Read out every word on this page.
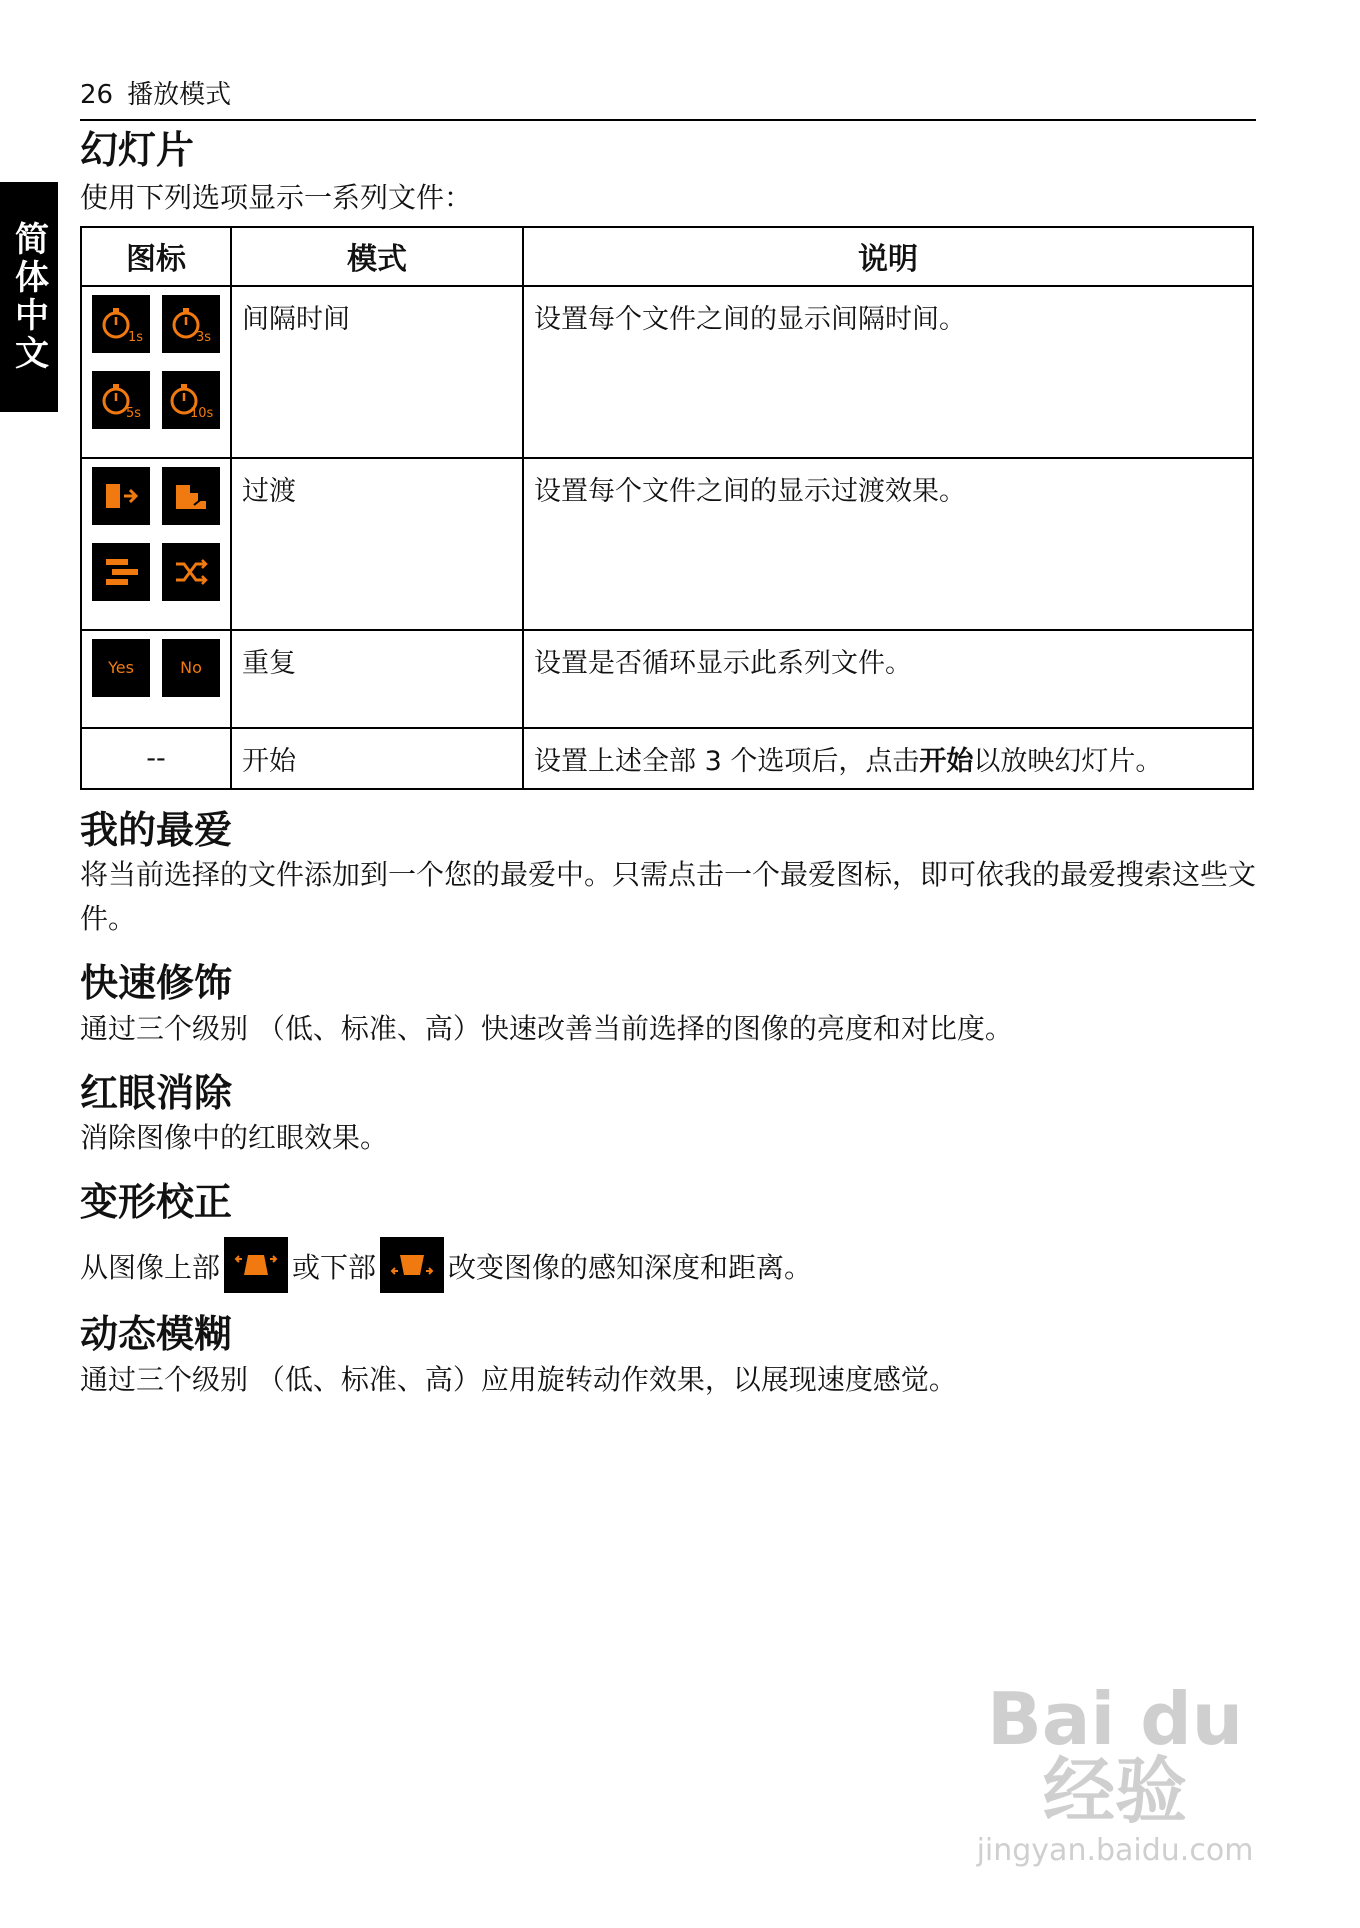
简体中文
26 播放模式
幻灯片

使用下列选项显示一系列文件：

图标	模式	说明

1s 3s
5s 10s	间隔时间	设置每个文件之间的显示间隔时间。

	过渡	设置每个文件之间的显示过渡效果。

Yes No	重复	设置是否循环显示此系列文件。
--	开始	设置上述全部 3 个选项后，点击开始以放映幻灯片。
我的最爱

将当前选择的文件添加到一个您的最爱中。只需点击一个最爱图标，即可依我的最爱搜索这些文件。

快速修饰

通过三个级别 （低、标准、高）快速改善当前选择的图像的亮度和对比度。

红眼消除

消除图像中的红眼效果。

变形校正

从图像上部	或下部	改变图像的感知深度和距离。

动态模糊

通过三个级别 （低、标准、高）应用旋转动作效果，以展现速度感觉。

Bai du 经验
jingyan.baidu.com
